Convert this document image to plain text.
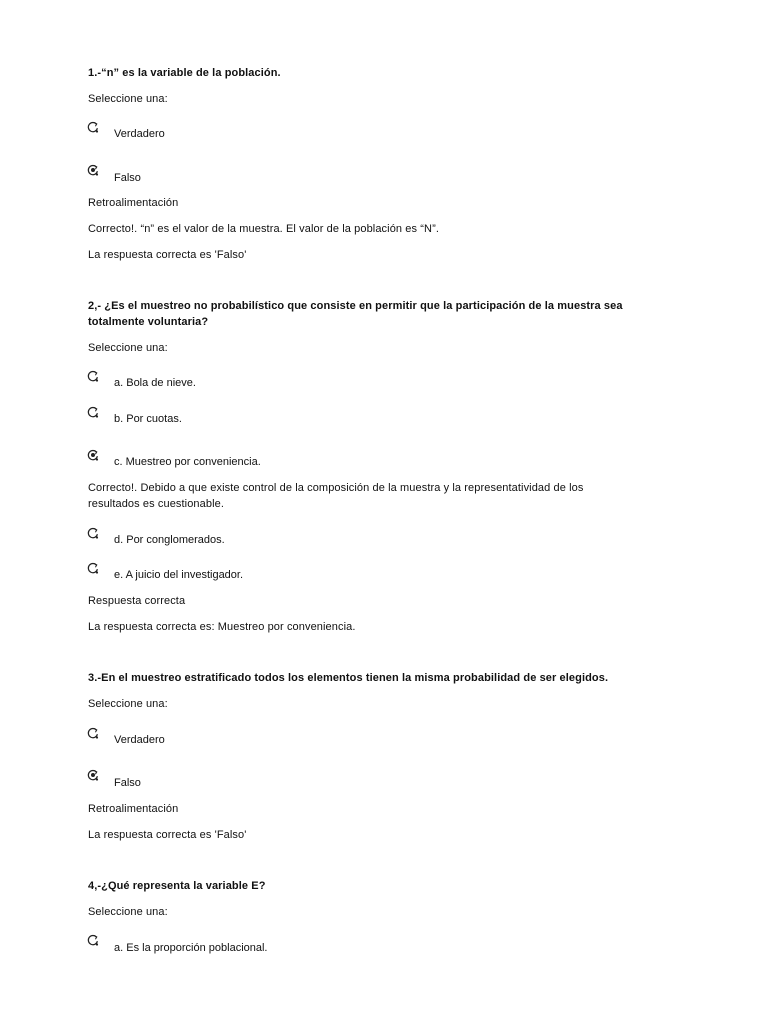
1.-“n” es la variable de la población.
Seleccione una:
Verdadero
Falso
Retroalimentación
Correcto!. “n” es el valor de la muestra. El valor de la población es “N”.
La respuesta correcta es 'Falso'
2,- ¿Es el muestreo no probabilístico que consiste en permitir que la participación de la muestra sea
totalmente voluntaria?
Seleccione una:
a. Bola de nieve.
b. Por cuotas.
c. Muestreo por conveniencia.
Correcto!. Debido a que existe control de la composición de la muestra y la representatividad de los
resultados es cuestionable.
d. Por conglomerados.
e. A juicio del investigador.
Respuesta correcta
La respuesta correcta es: Muestreo por conveniencia.
3.-En el muestreo estratificado todos los elementos tienen la misma probabilidad de ser elegidos.
Seleccione una:
Verdadero
Falso
Retroalimentación
La respuesta correcta es 'Falso'
4,-¿Qué representa la variable E?
Seleccione una:
a. Es la proporción poblacional.
